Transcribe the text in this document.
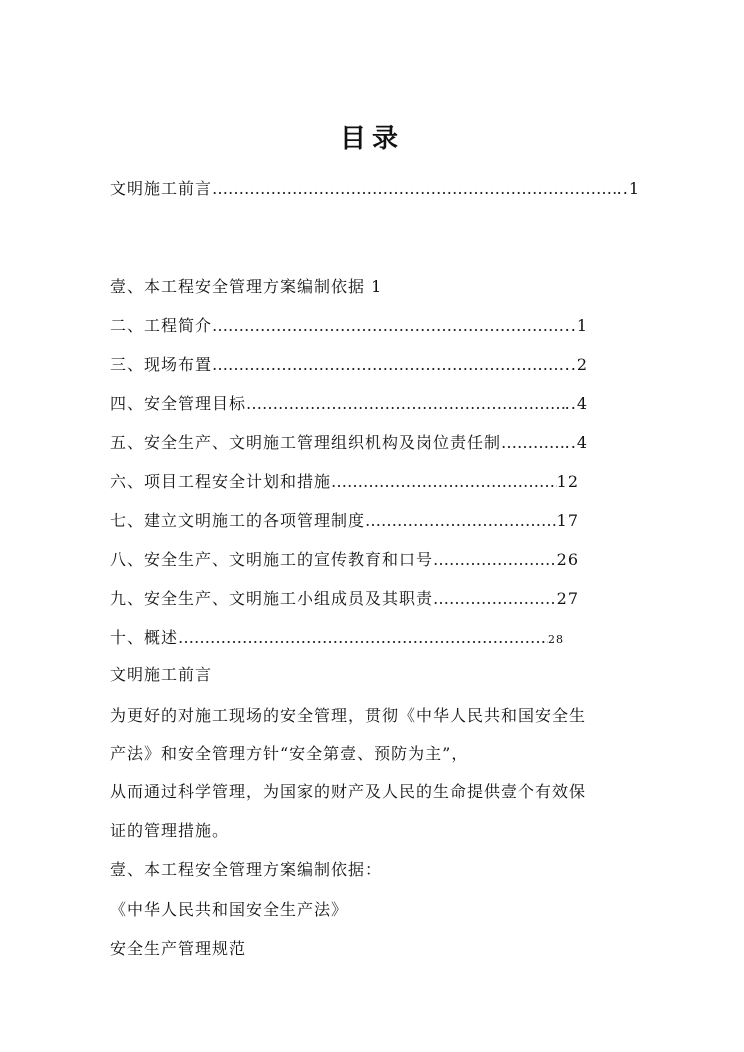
目录
文明施工前言 ………………………………………………………………………………………………………………………………………………………………	..1
壹、本工程安全管理方案编制依据 1
二、工程简介 ………………………………………………………………………………………………………………………………………………………………	..1
三、现场布置 ………………………………………………………………………………………………………………………………………………………………	..2
四、安全管理目标 ………………………………………………………………………………………………………………………………………………………………	..4
五、安全生产、文明施工管理组织机构及岗位责任制 ………………………………………………………………………………………………………………………………………………………………	..4
六、项目工程安全计划和措施 ………………………………………………………………………………………………………………………………………………………………	12
七、建立文明施工的各项管理制度 ………………………………………………………………………………………………………………………………………………………………	17
八、安全生产、文明施工的宣传教育和口号 ………………………………………………………………………………………………………………………………………………………………	26
九、安全生产、文明施工小组成员及其职责 ………………………………………………………………………………………………………………………………………………………………	27
十、概述 ………………………………………………………………………………………………………………………………………………………………	28
文明施工前言
为更好的对施工现场的安全管理，贯彻《中华人民共和国安全生
产法》和安全管理方针“安全第壹、预防为主”，
从而通过科学管理，为国家的财产及人民的生命提供壹个有效保
证的管理措施。
壹、本工程安全管理方案编制依据：
《中华人民共和国安全生产法》
安全生产管理规范
